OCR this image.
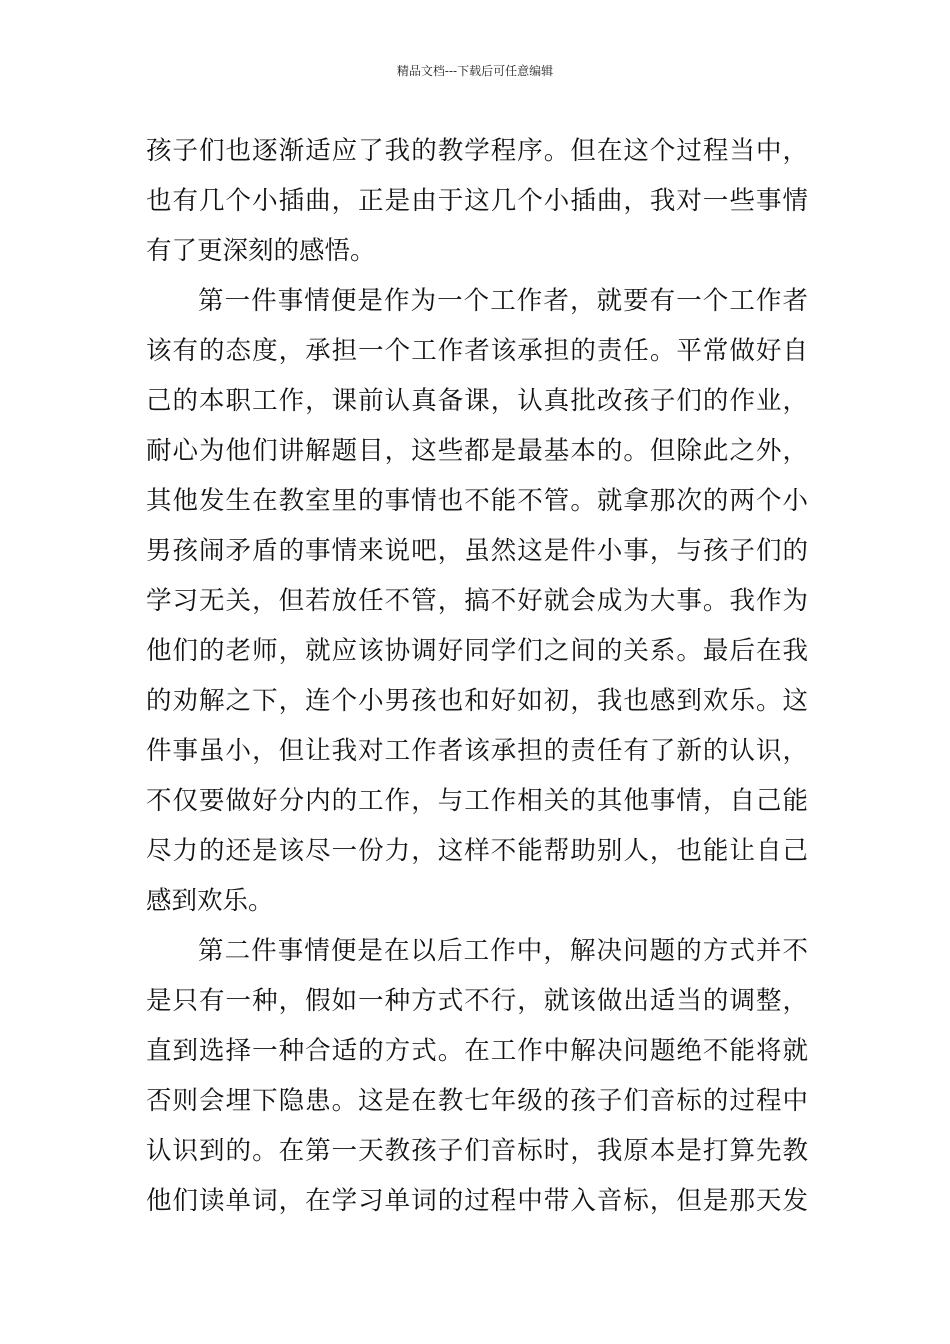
精品文档---下载后可任意编辑
孩子们也逐渐适应了我的教学程序。但在这个过程当中，
也有几个小插曲，正是由于这几个小插曲，我对一些事情
有了更深刻的感悟。
第一件事情便是作为一个工作者，就要有一个工作者
该有的态度，承担一个工作者该承担的责任。平常做好自
己的本职工作，课前认真备课，认真批改孩子们的作业，
耐心为他们讲解题目，这些都是最基本的。但除此之外，
其他发生在教室里的事情也不能不管。就拿那次的两个小
男孩闹矛盾的事情来说吧，虽然这是件小事，与孩子们的
学习无关，但若放任不管，搞不好就会成为大事。我作为
他们的老师，就应该协调好同学们之间的关系。最后在我
的劝解之下，连个小男孩也和好如初，我也感到欢乐。这
件事虽小，但让我对工作者该承担的责任有了新的认识，
不仅要做好分内的工作，与工作相关的其他事情，自己能
尽力的还是该尽一份力，这样不能帮助别人，也能让自己
感到欢乐。
第二件事情便是在以后工作中，解决问题的方式并不
是只有一种，假如一种方式不行，就该做出适当的调整，
直到选择一种合适的方式。在工作中解决问题绝不能将就
否则会埋下隐患。这是在教七年级的孩子们音标的过程中
认识到的。在第一天教孩子们音标时，我原本是打算先教
他们读单词，在学习单词的过程中带入音标，但是那天发
